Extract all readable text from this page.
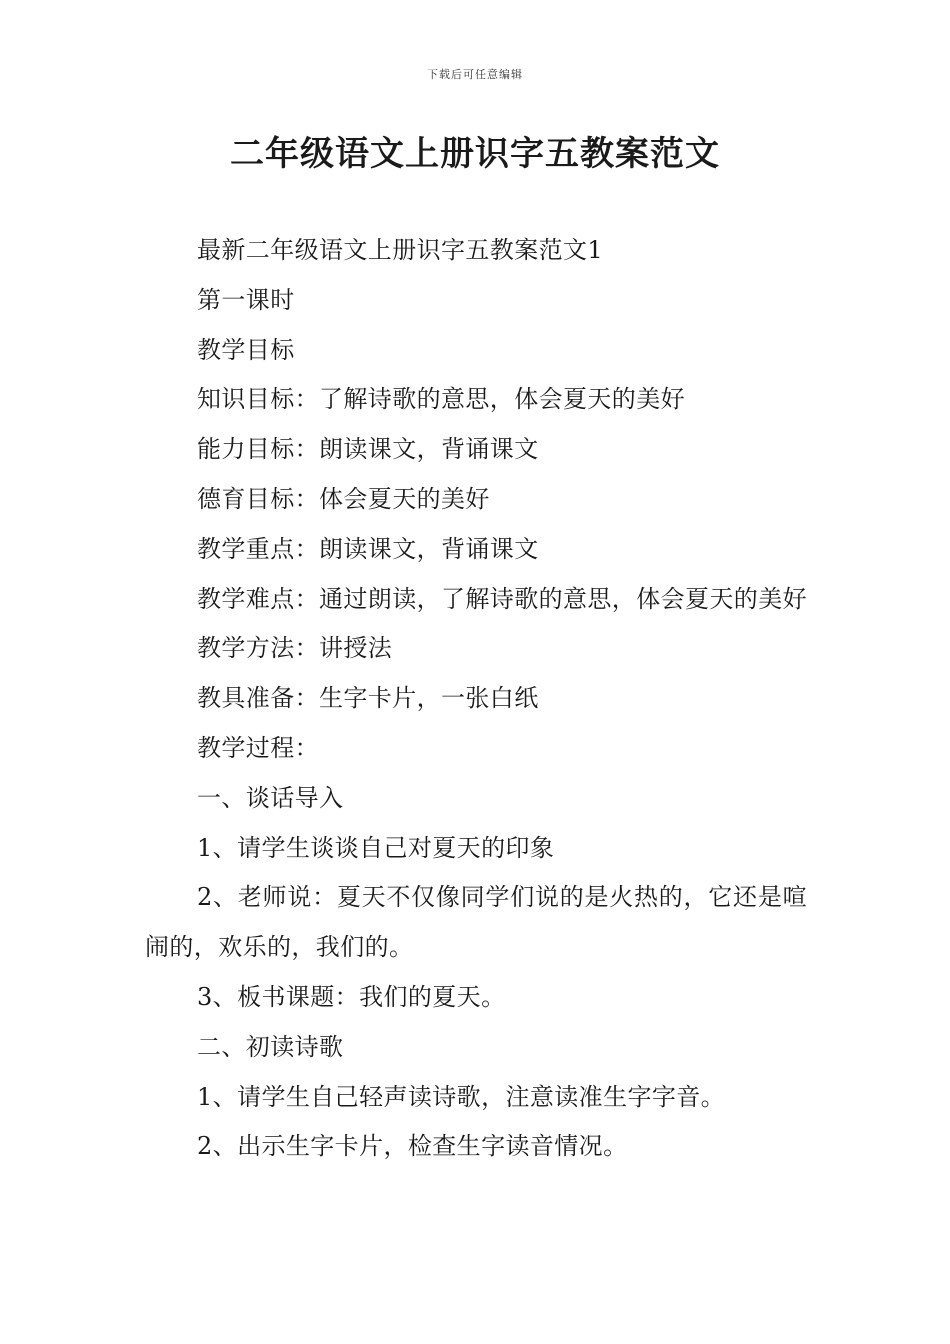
下载后可任意编辑
二年级语文上册识字五教案范文

最新二年级语文上册识字五教案范文1

第一课时

教学目标

知识目标：了解诗歌的意思，体会夏天的美好

能力目标：朗读课文，背诵课文

德育目标：体会夏天的美好

教学重点：朗读课文，背诵课文

教学难点：通过朗读，了解诗歌的意思，体会夏天的美好

教学方法：讲授法

教具准备：生字卡片，一张白纸

教学过程：

一、谈话导入

1、请学生谈谈自己对夏天的印象

2、老师说：夏天不仅像同学们说的是火热的，它还是喧闹的，欢乐的，我们的。

3、板书课题：我们的夏天。

二、初读诗歌

1、请学生自己轻声读诗歌，注意读准生字字音。

2、出示生字卡片，检查生字读音情况。
